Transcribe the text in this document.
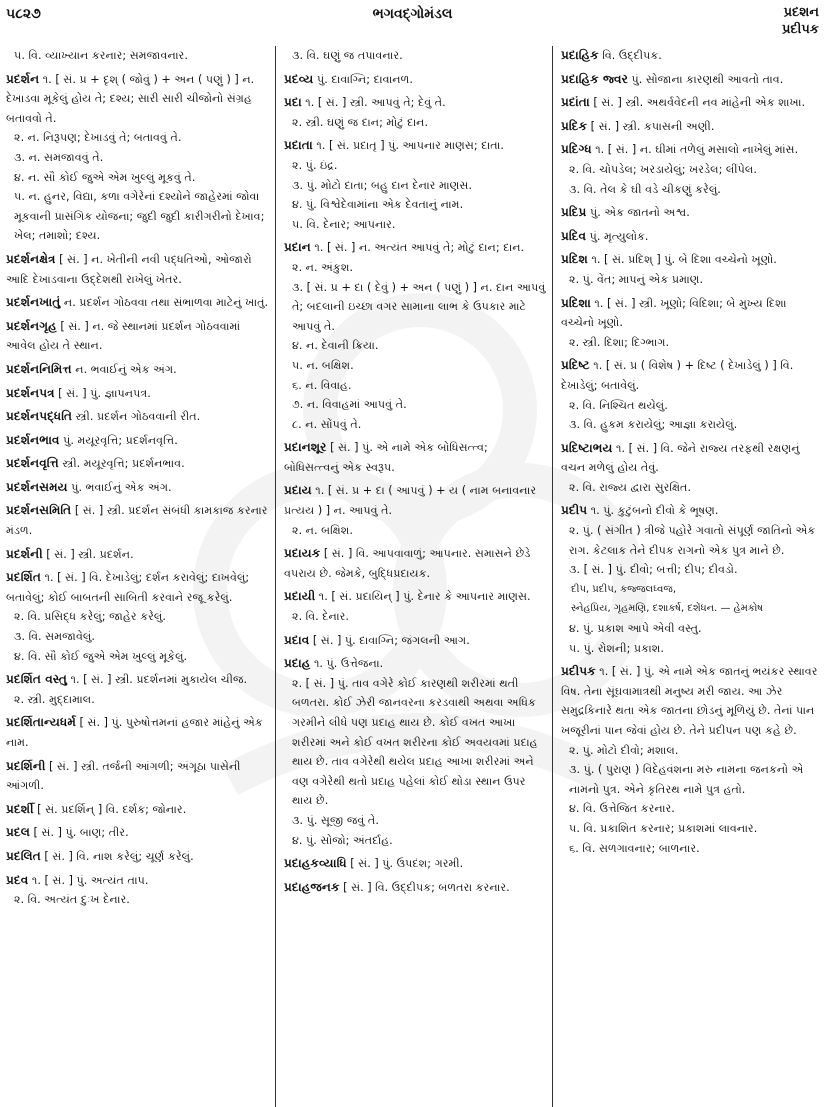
૫૮૨૭	ભગવદ્ગોમંડલ	પ્રદશન
પ્રદીપક
૫. વિ. વ્યાખ્યાન કરનાર; સમજાવનાર.
પ્રદર્શન ૧. [ સં. પ્ર + દૃશ્ ( જોવું ) + અન ( પણું ) ] ન. દેખાડવા મૂકેલું હોય તે; દશ્ય; સારી સારી ચીજોનો સંગ્રહ બતાવવો તે.
૨. ન. નિરૂપણ; દેખાડવું તે; બતાવવું તે.
૩. ન. સમજાવવું તે.
૪. ન. સૌ કોઈ જુએ એમ ખુલ્લું મૂકવું તે.
૫. ન. હુનર, વિદ્યા, કળા વગેરેનાં દશ્યોને જાહેરમાં જોવા મૂકવાની પ્રાસંગિક યોજના; જુદી જુદી કારીગરીનો દેખાવ; ખેલ; તમાશો; દશ્ય.
પ્રદર્શનક્ષેત્ર [ સં. ] ન. ખેતીની નવી પદ્ધતિઓ, ઓજારો આદિ દેખાડવાના ઉદ્દેશથી રાખેલું ખેતર.
પ્રદર્શનખાતું ન. પ્રદર્શન ગોઠવવા તથા સંભાળવા માટેનું ખાતું.
પ્રદર્શનગૃહ [ સં. ] ન. જે સ્થાનમાં પ્રદર્શન ગોઠવવામાં આવેલ હોય તે સ્થાન.
પ્રદર્શનનિમિત્ત ન. ભવાઈનું એક અંગ.
પ્રદર્શનપત્ર [ સં. ] પું. જ્ઞાપનપત્ર.
પ્રદર્શનપદ્ધતિ સ્ત્રી. પ્રદર્શન ગોઠવવાની રીત.
પ્રદર્શનભાવ પું. મયૂરવૃત્તિ; પ્રદર્શનવૃત્તિ.
પ્રદર્શનવૃત્તિ સ્ત્રી. મયૂરવૃત્તિ; પ્રદર્શનભાવ.
પ્રદર્શનસમય પું. ભવાઈનું એક અંગ.
પ્રદર્શનસમિતિ [ સં. ] સ્ત્રી. પ્રદર્શન સંબંધી કામકાજ કરનાર મંડળ.
પ્રદર્શની [ સં. ] સ્ત્રી. પ્રદર્શન.
પ્રદર્શિત ૧. [ સં. ] વિ. દેખાડેલું; દર્શન કરાવેલું; દાખવેલું; બતાવેલું; કોઈ બાબતની સાબિતી કરવાને રજૂ કરેલું.
૨. વિ. પ્રસિદ્ધ કરેલું; જાહેર કરેલું.
૩. વિ. સમજાવેલું.
૪. વિ. સૌ કોઈ જુએ એમ ખુલ્લું મૂકેલું.
પ્રદર્શિત વસ્તુ ૧. [ સં. ] સ્ત્રી. પ્રદર્શનમાં મુકાયેલ ચીજ.
૨. સ્ત્રી. મુદ્દામાલ.
પ્રદર્શિતાન્યધર્મ [ સં. ] પું. પુરુષોત્તમનાં હજાર માંહેનું એક નામ.
પ્રદર્શિની [ સં. ] સ્ત્રી. તર્જની આંગળી; અંગૂઠા પાસેની આંગળી.
પ્રદર્શી [ સં. પ્રદર્શિન્ ] વિ. દર્શક; જોનાર.
પ્રદલ [ સં. ] પું. બાણ; તીર.
પ્રદલિત [ સં. ] વિ. નાશ કરેલું; ચૂર્ણ કરેલું.
પ્રદવ ૧. [ સં. ] પું. અત્યંત તાપ.
૨. વિ. અત્યંત દુઃખ દેનાર.
૩. વિ. ઘણું જ તપાવનાર.
પ્રદવ્ય પું. દાવાગ્નિ; દાવાનળ.
પ્રદા ૧. [ સં. ] સ્ત્રી. આપવું તે; દેવું તે.
૨. સ્ત્રી. ઘણું જ દાન; મોટું દાન.
પ્રદાતા ૧. [ સં. પ્રદાતૃ ] પું. આપનાર માણસ; દાતા.
૨. પું. ઇંદ્ર.
૩. પું. મોટો દાતા; બહુ દાન દેનાર માણસ.
૪. પું. વિશ્વેદેવામાંના એક દેવતાનું નામ.
૫. વિ. દેનાર; આપનાર.
પ્રદાન ૧. [ સં. ] ન. અત્યંત આપવું તે; મોટું દાન; દાન.
૨. ન. અંકુશ.
૩. [ સં. પ્ર + દા ( દેવું ) + અન ( પણું ) ] ન. દાન આપવું તે; બદલાની ઇચ્છા વગર સામાના લાભ કે ઉપકાર માટે આપવું તે.
૪. ન. દેવાની ક્રિયા.
૫. ન. બક્ષિશ.
૬. ન. વિવાહ.
૭. ન. વિવાહમાં આપવું તે.
૮. ન. સોંપવું તે.
પ્રદાનશૂર [ સં. ] પું. એ નામે એક બોધિસત્ત્વ; બોધિસત્ત્વનું એક સ્વરૂપ.
પ્રદાય ૧. [ સં. પ્ર + દા ( આપવું ) + ય ( નામ બનાવનાર પ્રત્યય ) ] ન. આપવું તે.
૨. ન. બક્ષિશ.
પ્રદાયક [ સં. ] વિ. આપવાવાળું; આપનાર. સમાસને છેડે વપરાય છે. જેમકે, બુદ્ધિપ્રદાયક.
પ્રદાયી ૧. [ સં. પ્રદાયિન્ ] પું. દેનાર કે આપનાર માણસ.
૨. વિ. દેનાર.
પ્રદાવ [ સં. ] પું. દાવાગ્નિ; જંગલની આગ.
પ્રદાહ ૧. પું. ઉત્તેજના.
૨. [ સં. ] પું. તાવ વગેરે કોઈ કારણથી શરીરમાં થતી બળતરા. કોઈ ઝેરી જાનવરના કરડવાથી અથવા અધિક ગરમીને લીધે પણ પ્રદાહ થાય છે. કોઈ વખત આખા શરીરમાં અને કોઈ વખત શરીરના કોઈ અવયવમાં પ્રદાહ થાય છે. તાવ વગેરેથી થયેલ પ્રદાહ આખા શરીરમાં અને વણ વગેરેથી થતો પ્રદાહ પહેલાં કોઈ થોડા સ્થાન ઉપર થાય છે.
૩. પું. સૂજી જવું તે.
૪. પું. સોજો; અંતર્દાહ.
પ્રદાહકવ્યાધિ [ સં. ] પું. ઉપદંશ; ગરમી.
પ્રદાહજનક [ સં. ] વિ. ઉદ્દીપક; બળતરા કરનાર.
પ્રદાહિક વિ. ઉદ્દીપક.
પ્રદાહિક જ્વર પું. સોજાના કારણથી આવતો તાવ.
પ્રદાંતા [ સં. ] સ્ત્રી. અથર્વવેદની નવ માંહેની એક શાખા.
પ્રદિક [ સં. ] સ્ત્રી. કપાસની અણી.
પ્રદિગ્ધ ૧. [ સં. ] ન. ઘીમાં તળેલું મસાલો નાખેલું માંસ.
૨. વિ. ચોપડેલ; ખરડાયેલું; ખરડેલ; લીંપેલ.
૩. વિ. તેલ કે ઘી વડે ચીકણું કરેલું.
પ્રદિપ્ર પું. એક જાતનો અશ્વ.
પ્રદિવ પું. મૃત્યુલોક.
પ્રદિશ ૧. [ સં. પ્રદિશ્ ] પું. બે દિશા વચ્ચેનો ખૂણો.
૨. પું. વેંત; માપનું એક પ્રમાણ.
પ્રદિશા ૧. [ સં. ] સ્ત્રી. ખૂણો; વિદિશા; બે મુખ્ય દિશા વચ્ચેનો ખૂણો.
૨. સ્ત્રી. દિશા; દિગ્ભાગ.
પ્રદિષ્ટ ૧. [ સં. પ્ર ( વિશેષ ) + દિષ્ટ ( દેખાડેલું ) ] વિ. દેખાડેલું; બતાવેલું.
૨. વિ. નિશ્ચિત થયેલું.
૩. વિ. હુકમ કરાયેલું; આજ્ઞા કરાયેલું.
પ્રદિષ્ટાભય ૧. [ સં. ] વિ. જેને રાજ્ય તરફથી રક્ષણનું વચન મળેલું હોય તેવું.
૨. વિ. રાજ્ય દ્વારા સુરક્ષિત.
પ્રદીપ ૧. પું. કુટુંબનો દીવો કે ભૂષણ.
૨. પું. ( સંગીત ) ત્રીજે પહોરે ગવાતો સંપૂર્ણ જાતિનો એક રાગ. કેટલાક તેને દીપક રાગનો એક પુત્ર માને છે.
૩. [ સં. ] પું. દીવો; બત્તી; દીપ; દીવડો.
દીપ, પ્રદીપ, કજ્જલધ્વજ,
સ્નેહપ્રિય, ગૃહમણિ, દશાકર્ષ, દશેંધન. — હેમકોષ
૪. પું. પ્રકાશ આપે એવી વસ્તુ.
૫. પું. રોશની; પ્રકાશ.
પ્રદીપક ૧. [ સં. ] પું. એ નામે એક જાતનું ભયંકર સ્થાવર વિષ. તેના સૂંઘવામાત્રથી મનુષ્ય મરી જાય. આ ઝેર સમુદ્રકિનારે થતા એક જાતના છોડનું મૂળિયું છે. તેનાં પાન ખજૂરીનાં પાન જેવાં હોય છે. તેને પ્રદીપન પણ કહે છે.
૨. પું. મોટો દીવો; મશાલ.
૩. પું. ( પુરાણ ) વિદેહવંશના મરુ નામના જનકનો એ નામનો પુત્ર. એને કૃતિરથ નામે પુત્ર હતો.
૪. વિ. ઉત્તેજિત કરનાર.
૫. વિ. પ્રકાશિત કરનાર; પ્રકાશમાં લાવનાર.
૬. વિ. સળગાવનાર; બાળનાર.
